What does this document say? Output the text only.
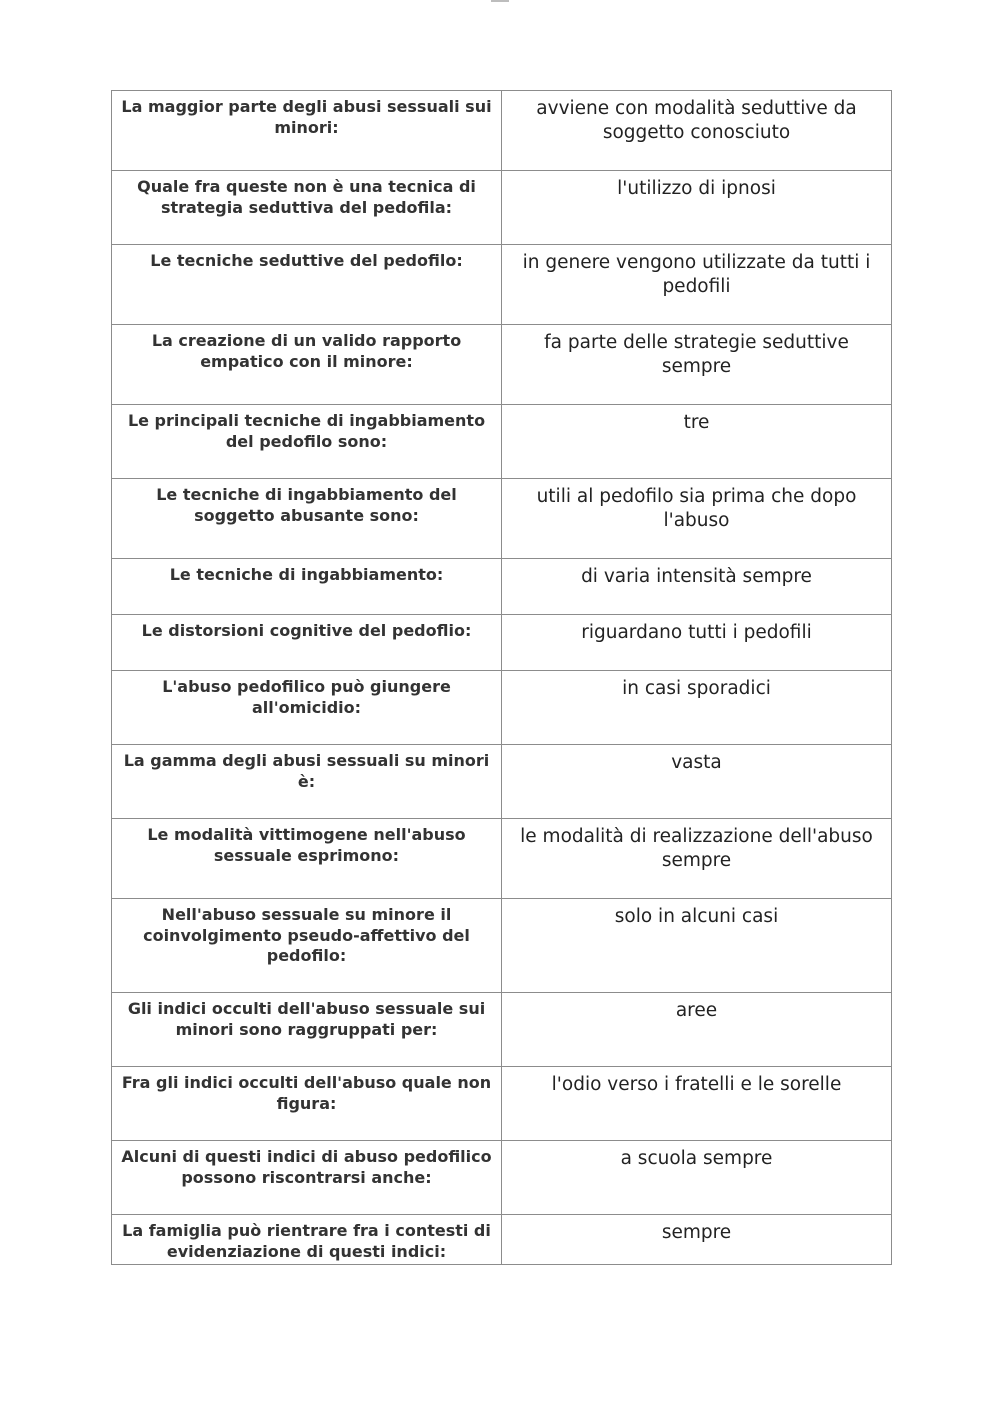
La maggior parte degli abusi sessuali sui minori:	avviene con modalità seduttive da soggetto conosciuto

Quale fra queste non è una tecnica di strategia seduttiva del pedofila:	l'utilizzo di ipnosi

Le tecniche seduttive del pedofilo:	in genere vengono utilizzate da tutti i pedofili

La creazione di un valido rapporto empatico con il minore:	fa parte delle strategie seduttive sempre

Le principali tecniche di ingabbiamento del pedofilo sono:	tre

Le tecniche di ingabbiamento del soggetto abusante sono:	utili al pedofilo sia prima che dopo l'abuso

Le tecniche di ingabbiamento:	di varia intensità sempre

Le distorsioni cognitive del pedoflio:	riguardano tutti i pedofili

L'abuso pedofilico può giungere all'omicidio:	in casi sporadici

La gamma degli abusi sessuali su minori è:	vasta

Le modalità vittimogene nell'abuso sessuale esprimono:	le modalità di realizzazione dell'abuso sempre

Nell'abuso sessuale su minore il coinvolgimento pseudo-affettivo del pedofilo:	solo in alcuni casi

Gli indici occulti dell'abuso sessuale sui minori sono raggruppati per:	aree

Fra gli indici occulti dell'abuso quale non figura:	l'odio verso i fratelli e le sorelle

Alcuni di questi indici di abuso pedofilico possono riscontrarsi anche:	a scuola sempre

La famiglia può rientrare fra i contesti di evidenziazione di questi indici:	sempre
